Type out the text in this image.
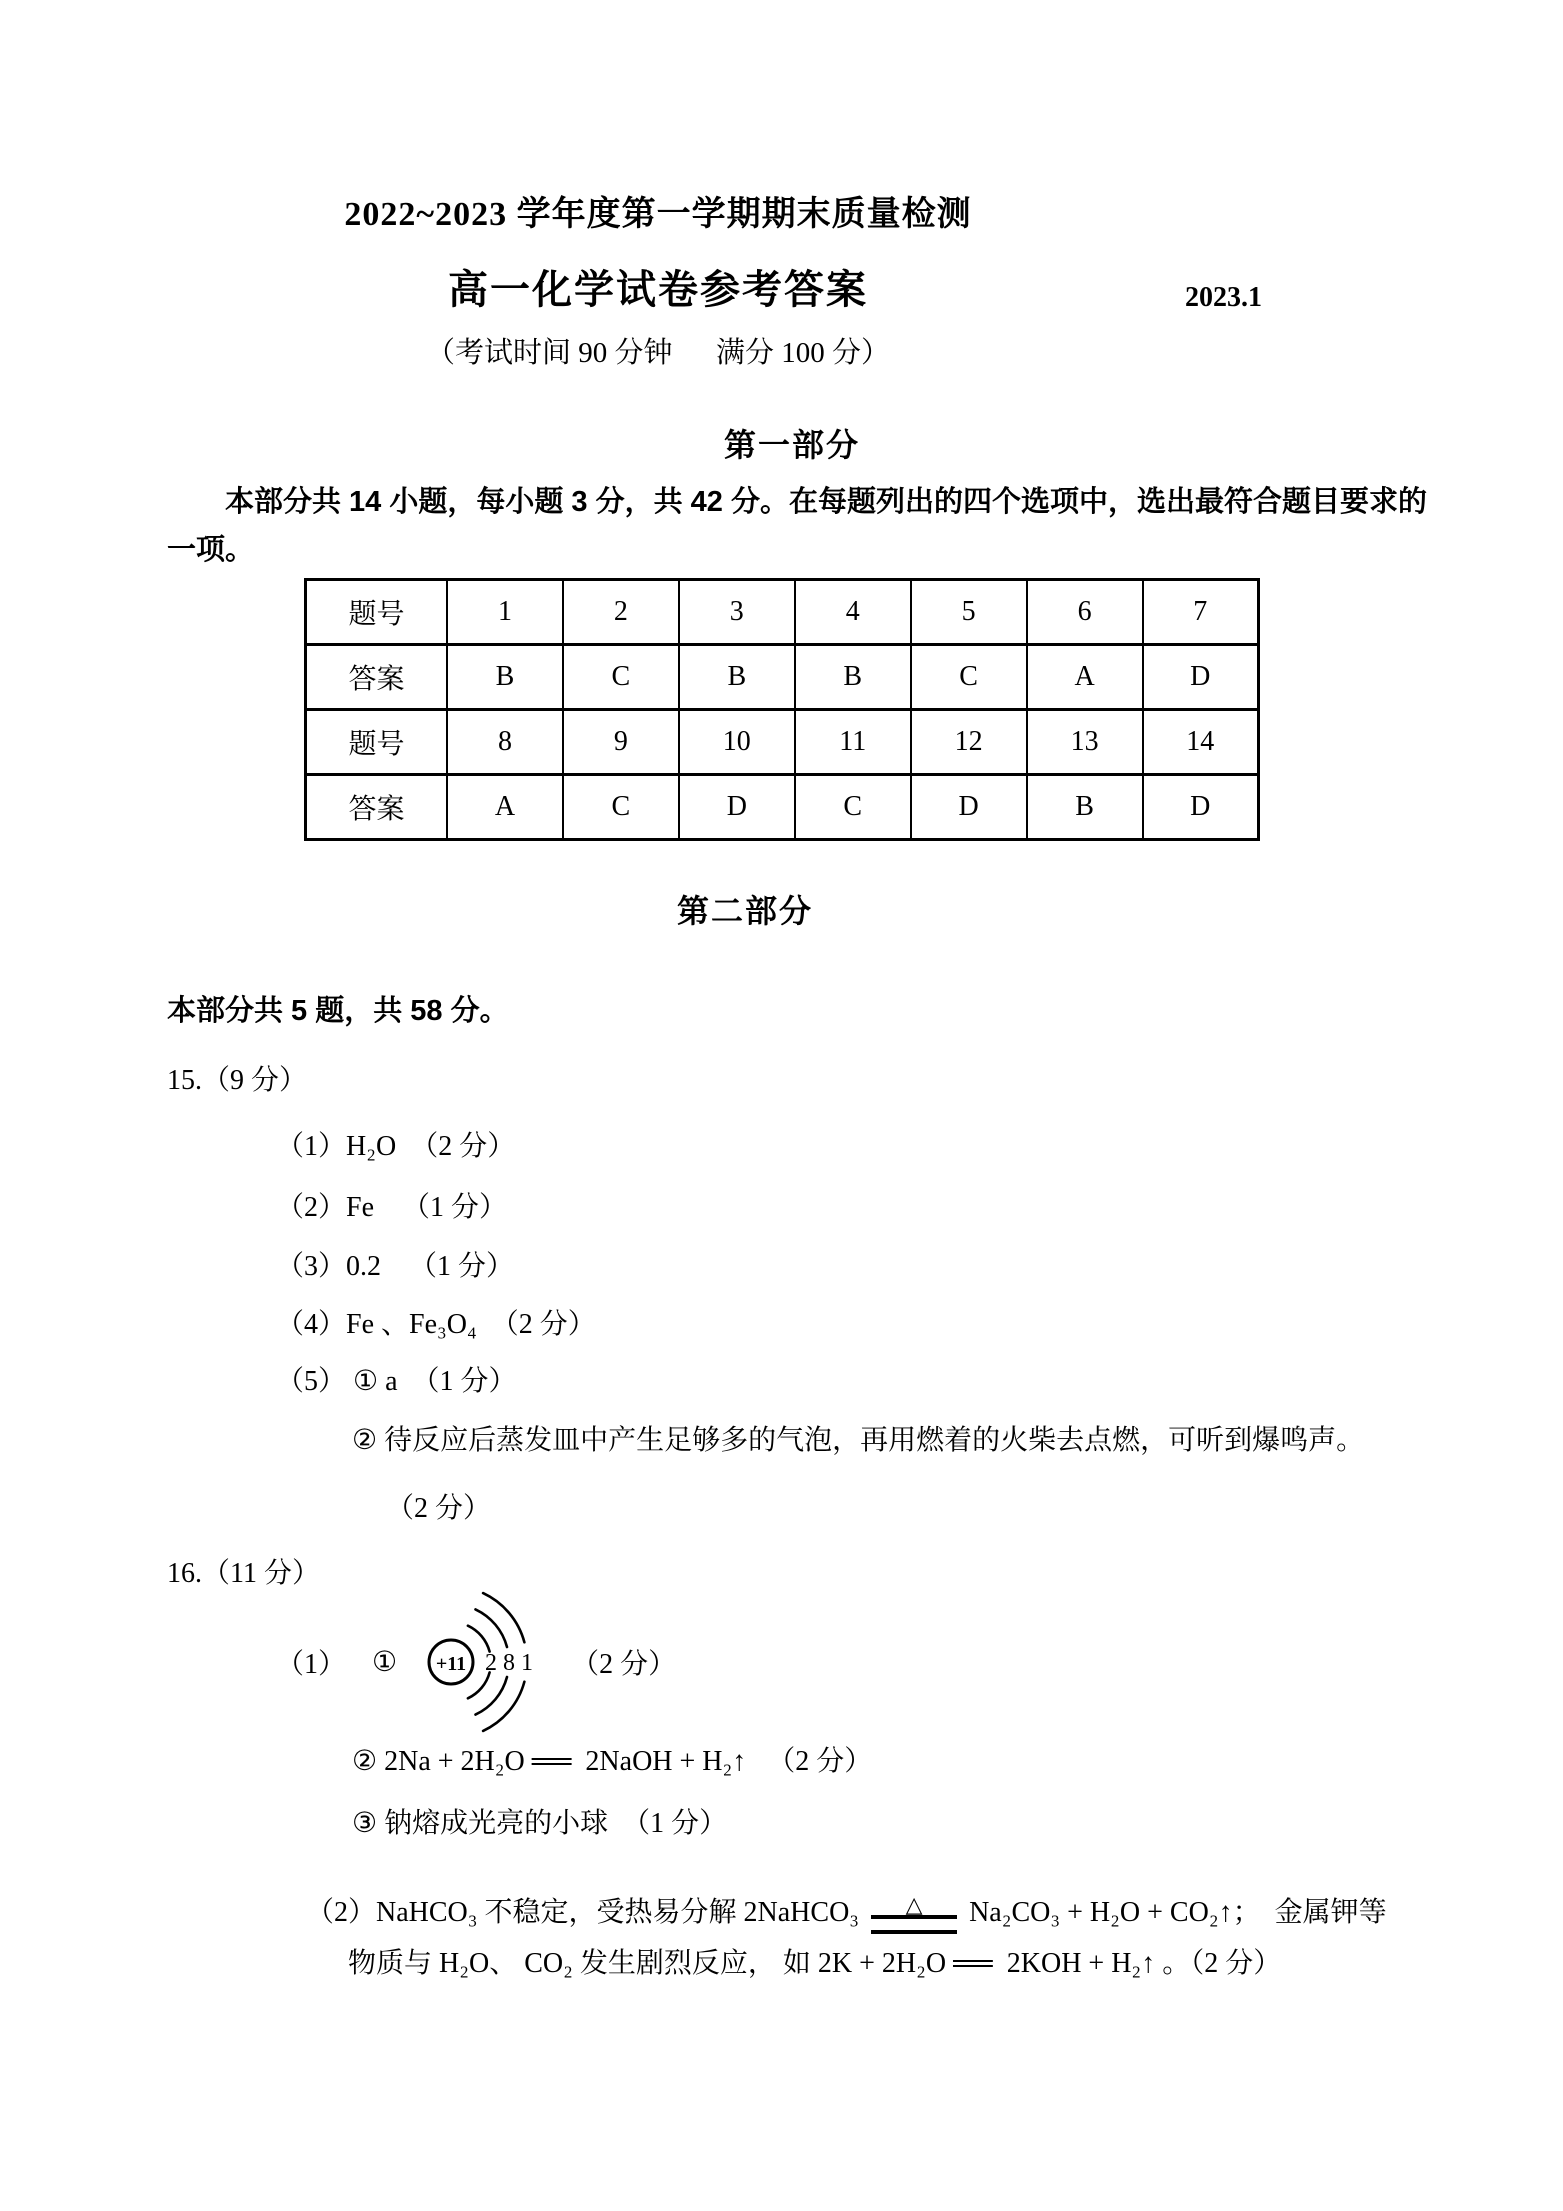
2022~2023 学年度第一学期期末质量检测
高一化学试卷参考答案	2023.1
（考试时间 90 分钟      满分 100 分）
第一部分
本部分共 14 小题，每小题 3 分，共 42 分。在每题列出的四个选项中，选出最符合题目要求的一项。
题号	1	2	3	4	5	6	7
答案	B	C	B	B	C	A	D
题号	8	9	10	11	12	13	14
答案	A	C	D	C	D	B	D
第二部分
本部分共 5 题，共 58 分。
15.（9 分）
（1）H₂O  （2 分）
（2）Fe    （1 分）
（3）0.2    （1 分）
（4）Fe 、Fe₃O₄  （2 分）
（5） ① a  （1 分）
② 待反应后蒸发皿中产生足够多的气泡，再用燃着的火柴去点燃，可听到爆鸣声。
（2 分）
16.（11 分）
（1） ① +11 2 8 1 （2 分）
② 2Na + 2H₂O ══  2NaOH + H₂↑   （2 分）
③ 钠熔成光亮的小球  （1 分）

（2）NaHCO₃ 不稳定，受热易分解 2NaHCO₃	△	Na₂CO₃ + H₂O + CO₂↑；  金属钾等

物质与 H₂O、 CO₂ 发生剧烈反应， 如 2K + 2H₂O ══  2KOH + H₂↑ 。（2 分）
